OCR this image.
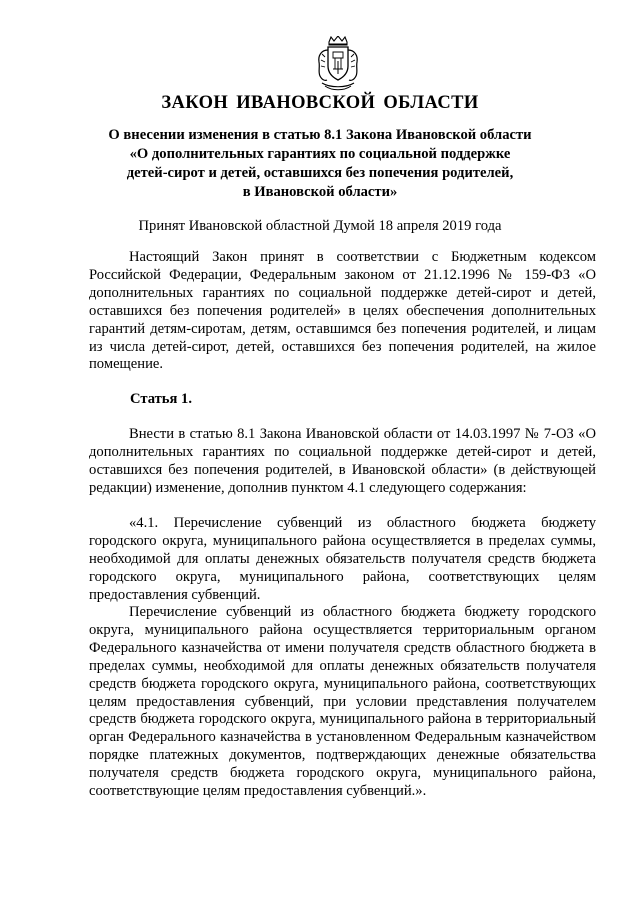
ЗАКОН ИВАНОВСКОЙ ОБЛАСТИ
О внесении изменения в статью 8.1 Закона Ивановской области
«О дополнительных гарантиях по социальной поддержке
детей-сирот и детей, оставшихся без попечения родителей,
в Ивановской области»

Принят Ивановской областной Думой 18 апреля 2019 года

Настоящий Закон принят в соответствии с Бюджетным кодексом Российской Федерации, Федеральным законом от 21.12.1996 № 159-ФЗ «О дополнительных гарантиях по социальной поддержке детей-сирот и детей, оставшихся без попечения родителей» в целях обеспечения дополнительных гарантий детям-сиротам, детям, оставшимся без попечения родителей, и лицам из числа детей-сирот, детей, оставшихся без попечения родителей, на жилое помещение.

Статья 1.

Внести в статью 8.1 Закона Ивановской области от 14.03.1997 № 7-ОЗ «О дополнительных гарантиях по социальной поддержке детей-сирот и детей, оставшихся без попечения родителей, в Ивановской области» (в действующей редакции) изменение, дополнив пунктом 4.1 следующего содержания:

«4.1. Перечисление субвенций из областного бюджета бюджету городского округа, муниципального района осуществляется в пределах суммы, необходимой для оплаты денежных обязательств получателя средств бюджета городского округа, муниципального района, соответствующих целям предоставления субвенций.

Перечисление субвенций из областного бюджета бюджету городского округа, муниципального района осуществляется территориальным органом Федерального казначейства от имени получателя средств областного бюджета в пределах суммы, необходимой для оплаты денежных обязательств получателя средств бюджета городского округа, муниципального района, соответствующих целям предоставления субвенций, при условии представления получателем средств бюджета городского округа, муниципального района в территориальный орган Федерального казначейства в установленном Федеральным казначейством порядке платежных документов, подтверждающих денежные обязательства получателя средств бюджета городского округа, муниципального района, соответствующие целям предоставления субвенций.».
